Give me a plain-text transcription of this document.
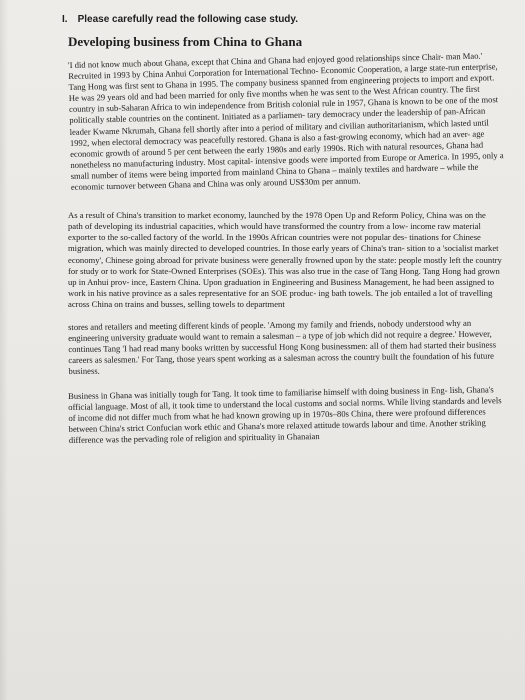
I. Please carefully read the following case study.
Developing business from China to Ghana

'I did not know much about Ghana, except that China and Ghana had enjoyed good relationships since Chair- man Mao.' Recruited in 1993 by China Anhui Corporation for International Techno- Economic Cooperation, a large state-run enterprise, Tang Hong was first sent to Ghana in 1995. The company business spanned from engineering projects to import and export. He was 29 years old and had been married for only five months when he was sent to the West African country. The first country in sub-Saharan Africa to win independence from British colonial rule in 1957, Ghana is known to be one of the most politically stable countries on the continent. Initiated as a parliamen- tary democracy under the leadership of pan-African leader Kwame Nkrumah, Ghana fell shortly after into a period of military and civilian authoritarianism, which lasted until 1992, when electoral democracy was peacefully restored. Ghana is also a fast-growing economy, which had an aver- age economic growth of around 5 per cent between the early 1980s and early 1990s. Rich with natural resources, Ghana had nonetheless no manufacturing industry. Most capital- intensive goods were imported from Europe or America. In 1995, only a small number of items were being imported from mainland China to Ghana – mainly textiles and hardware – while the economic turnover between Ghana and China was only around US$30m per annum.

As a result of China's transition to market economy, launched by the 1978 Open Up and Reform Policy, China was on the path of developing its industrial capacities, which would have transformed the country from a low- income raw material exporter to the so-called factory of the world. In the 1990s African countries were not popular des- tinations for Chinese migration, which was mainly directed to developed countries. In those early years of China's tran- sition to a 'socialist market economy', Chinese going abroad for private business were generally frowned upon by the state: people mostly left the country for study or to work for State-Owned Enterprises (SOEs). This was also true in the case of Tang Hong. Tang Hong had grown up in Anhui prov- ince, Eastern China. Upon graduation in Engineering and Business Management, he had been assigned to work in his native province as a sales representative for an SOE produc- ing bath towels. The job entailed a lot of travelling across China on trains and busses, selling towels to department

stores and retailers and meeting different kinds of people. 'Among my family and friends, nobody understood why an engineering university graduate would want to remain a salesman – a type of job which did not require a degree.' However, continues Tang 'I had read many books written by successful Hong Kong businessmen: all of them had started their business careers as salesmen.' For Tang, those years spent working as a salesman across the country built the foundation of his future business.

Business in Ghana was initially tough for Tang. It took time to familiarise himself with doing business in Eng- lish, Ghana's official language. Most of all, it took time to understand the local customs and social norms. While living standards and levels of income did not differ much from what he had known growing up in 1970s–80s China, there were profound differences between China's strict Confucian work ethic and Ghana's more relaxed attitude towards labour and time. Another striking difference was the pervading role of religion and spirituality in Ghanaian
